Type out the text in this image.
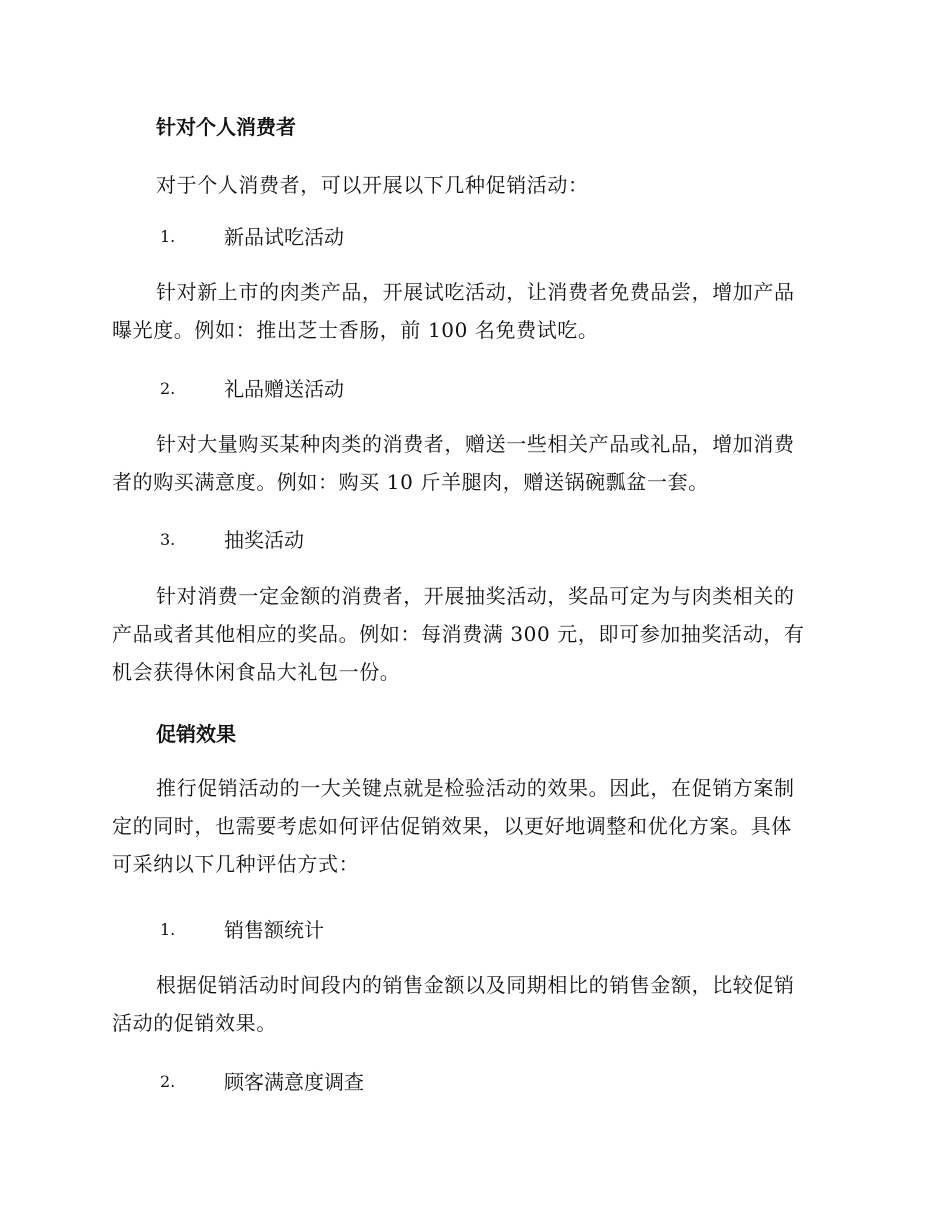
针对个人消费者

对于个人消费者，可以开展以下几种促销活动：

1. 新品试吃活动

针对新上市的肉类产品，开展试吃活动，让消费者免费品尝，增加产品
曝光度。例如：推出芝士香肠，前 100 名免费试吃。

2. 礼品赠送活动

针对大量购买某种肉类的消费者，赠送一些相关产品或礼品，增加消费
者的购买满意度。例如：购买 10 斤羊腿肉，赠送锅碗瓢盆一套。

3. 抽奖活动

针对消费一定金额的消费者，开展抽奖活动，奖品可定为与肉类相关的
产品或者其他相应的奖品。例如：每消费满 300 元，即可参加抽奖活动，有
机会获得休闲食品大礼包一份。

促销效果

推行促销活动的一大关键点就是检验活动的效果。因此，在促销方案制
定的同时，也需要考虑如何评估促销效果，以更好地调整和优化方案。具体
可采纳以下几种评估方式：

1. 销售额统计

根据促销活动时间段内的销售金额以及同期相比的销售金额，比较促销
活动的促销效果。

2. 顾客满意度调查
